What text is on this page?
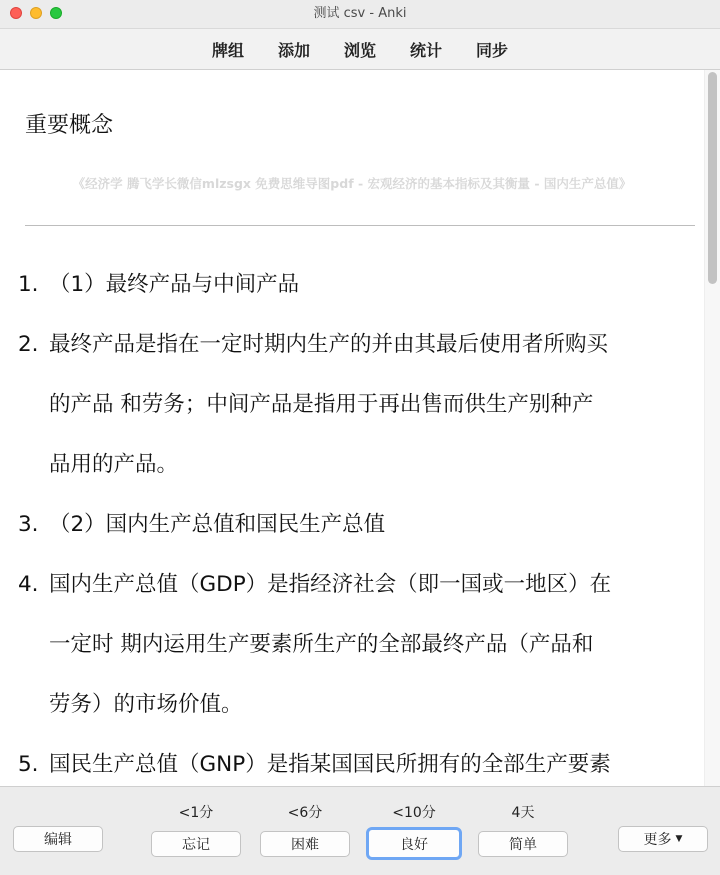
测试 csv - Anki
牌组	添加	浏览	统计	同步
重要概念
《经济学 腾飞学长微信mlzsgx 免费思维导图pdf - 宏观经济的基本指标及其衡量 - 国内生产总值》
1. （1）最终产品与中间产品
2. 最终产品是指在一定时期内生产的并由其最后使用者所购买
的产品 和劳务；中间产品是指用于再出售而供生产别种产
品用的产品。
3. （2）国内生产总值和国民生产总值
4. 国内生产总值（GDP）是指经济社会（即一国或一地区）在
一定时 期内运用生产要素所生产的全部最终产品（产品和
劳务）的市场价值。
5. 国民生产总值（GNP）是指某国国民所拥有的全部生产要素
编辑
<1分	<6分	<10分	4天
忘记	困难	良好	简单	更多 ▼
